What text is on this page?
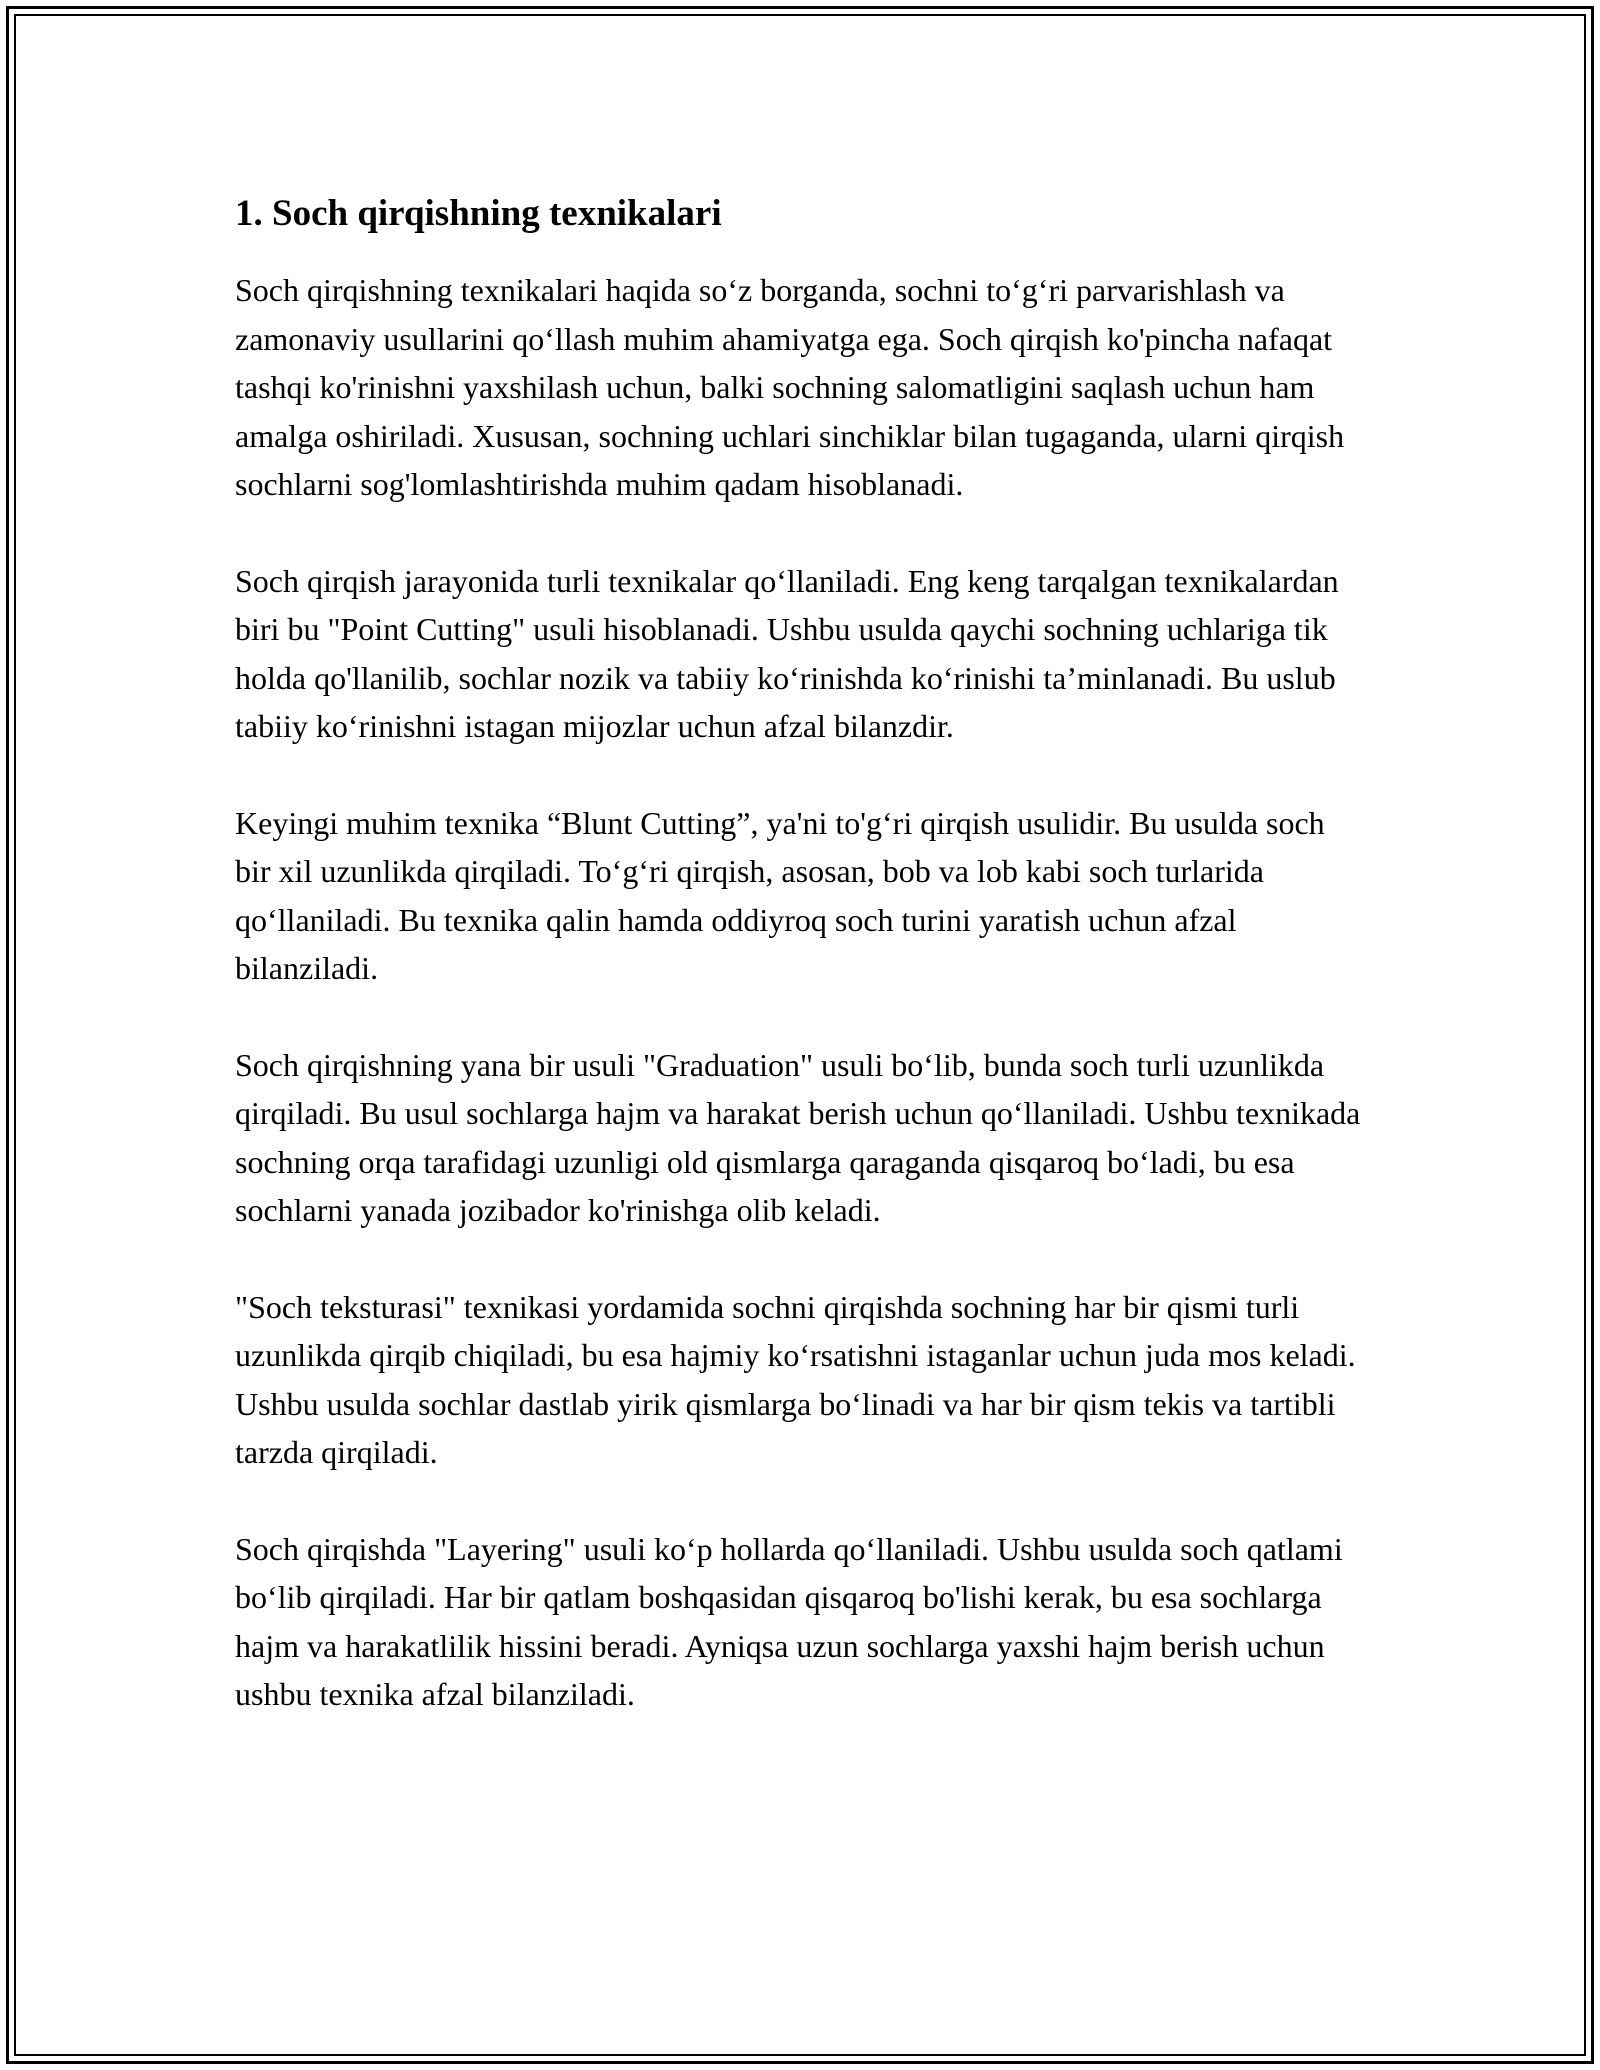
1. Soch qirqishning texnikalari

Soch qirqishning texnikalari haqida so‘z borganda, sochni to‘g‘ri parvarishlash va zamonaviy usullarini qo‘llash muhim ahamiyatga ega. Soch qirqish ko'pincha nafaqat tashqi ko'rinishni yaxshilash uchun, balki sochning salomatligini saqlash uchun ham amalga oshiriladi. Xususan, sochning uchlari sinchiklar bilan tugaganda, ularni qirqish sochlarni sog'lomlashtirishda muhim qadam hisoblanadi.

Soch qirqish jarayonida turli texnikalar qo‘llaniladi. Eng keng tarqalgan texnikalardan biri bu "Point Cutting" usuli hisoblanadi. Ushbu usulda qaychi sochning uchlariga tik holda qo'llanilib, sochlar nozik va tabiiy ko‘rinishda ko‘rinishi ta’minlanadi. Bu uslub tabiiy ko‘rinishni istagan mijozlar uchun afzal bilanzdir.

Keyingi muhim texnika “Blunt Cutting”, ya'ni to'g‘ri qirqish usulidir. Bu usulda soch bir xil uzunlikda qirqiladi. To‘g‘ri qirqish, asosan, bob va lob kabi soch turlarida qo‘llaniladi. Bu texnika qalin hamda oddiyroq soch turini yaratish uchun afzal bilanziladi.

Soch qirqishning yana bir usuli "Graduation" usuli bo‘lib, bunda soch turli uzunlikda qirqiladi. Bu usul sochlarga hajm va harakat berish uchun qo‘llaniladi. Ushbu texnikada sochning orqa tarafidagi uzunligi old qismlarga qaraganda qisqaroq bo‘ladi, bu esa sochlarni yanada jozibador ko'rinishga olib keladi.

"Soch teksturasi" texnikasi yordamida sochni qirqishda sochning har bir qismi turli uzunlikda qirqib chiqiladi, bu esa hajmiy ko‘rsatishni istaganlar uchun juda mos keladi. Ushbu usulda sochlar dastlab yirik qismlarga bo‘linadi va har bir qism tekis va tartibli tarzda qirqiladi.

Soch qirqishda "Layering" usuli ko‘p hollarda qo‘llaniladi. Ushbu usulda soch qatlami bo‘lib qirqiladi. Har bir qatlam boshqasidan qisqaroq bo'lishi kerak, bu esa sochlarga hajm va harakatlilik hissini beradi. Ayniqsa uzun sochlarga yaxshi hajm berish uchun ushbu texnika afzal bilanziladi.
